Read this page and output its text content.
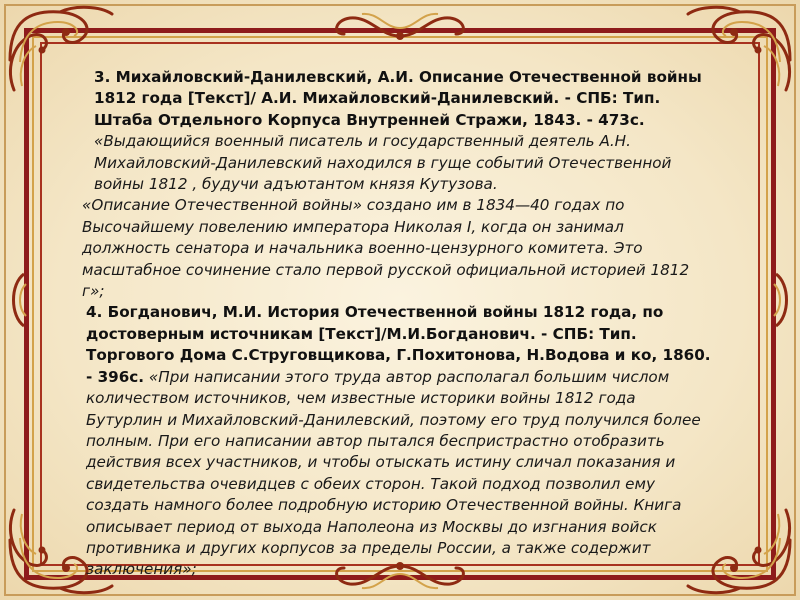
3. Михайловский-Данилевский, А.И. Описание Отечественной войны 1812 года [Текст]/ А.И. Михайловский-Данилевский. - СПБ: Тип. Штаба Отдельного Корпуса Внутренней Стражи, 1843. - 473с. «Выдающийся военный писатель и государственный деятель А.Н. Михайловский-Данилевский находился в гуще событий Отечественной войны 1812 , будучи адъютантом князя Кутузова.

«Описание Отечественной войны» создано им в 1834—40 годах по Высочайшему повелению императора Николая I, когда он занимал должность сенатора и начальника военно-цензурного комитета. Это масштабное сочинение стало первой русской официальной историей 1812 г»;

4. Богданович, М.И. История Отечественной войны 1812 года, по достоверным источникам [Текст]/М.И.Богданович. - СПБ: Тип. Торгового Дома С.Струговщикова, Г.Похитонова, Н.Водова и ко, 1860. - 396с. «При написании этого труда автор располагал большим числом количеством источников, чем известные историки войны 1812 года Бутурлин и Михайловский-Данилевский, поэтому его труд получился более полным. При его написании автор пытался беспристрастно отобразить действия всех участников, и чтобы отыскать истину сличал показания и свидетельства очевидцев с обеих сторон. Такой подход позволил ему создать намного более подробную историю Отечественной войны. Книга описывает период от выхода Наполеона из Москвы до изгнания войск противника и других корпусов за пределы России, а также содержит заключения»;
